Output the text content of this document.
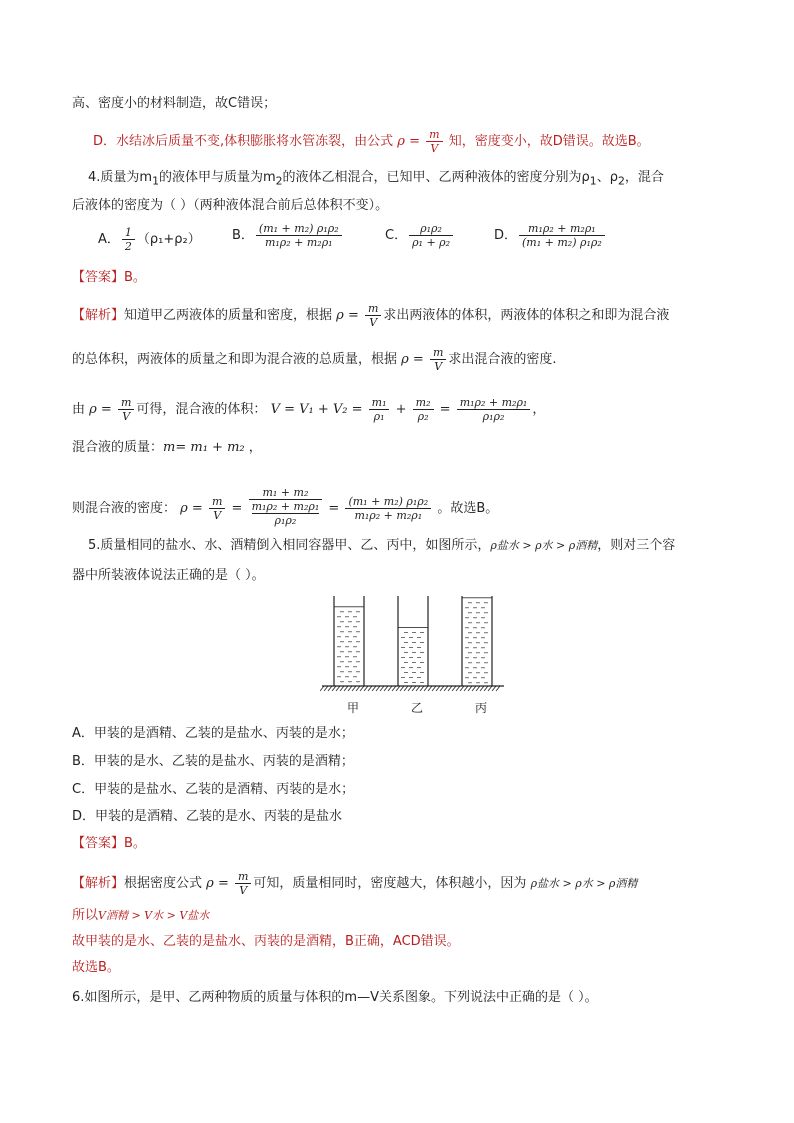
高、密度小的材料制造，故C错误；
D．水结冰后质量不变,体积膨胀将水管冻裂，由公式 $\rho = \frac{m}{V}$ 知，密度变小，故D错误。故选B。
4.质量为$m_1$的液体甲与质量为$m_2$的液体乙相混合，已知甲、乙两种液体的密度分别为$\rho_1$、$\rho_2$，混合
后液体的密度为（ ）（两种液体混合前后总体积不变）。
A． $\frac{1}{2} (\rho_1+\rho_2)$ B． $\frac{\text{(m₁ + m₂) ρ₁ρ₂}}{\text{m₁ρ₂ + m₂ρ₁}}$	C． $\frac{\text{ρ₁ρ₂}}{\text{ρ₁ + ρ₂}}$	D． $\frac{\text{m₁ρ₂ + m₂ρ₁}}{\text{(m₁ + m₂) ρ₁ρ₂}}$
【答案】B。
【解析】知道甲乙两液体的质量和密度，根据 $\rho = \frac{m}{V}$ 求出两液体的体积，两液体的体积之和即为混合液
的总体积，两液体的质量之和即为混合液的总质量，根据 $\rho = \frac{m}{V}$ 求出混合液的密度.
由 $\rho = \frac{m}{V}$ 可得，混合液的体积： $V = V_1 + V_2 = \frac{\text{m₁}}{\text{ρ₁}} + \frac{\text{m₂}}{\text{ρ₂}} = \frac{\text{m₁ρ₂ + m₂ρ₁}}{\text{ρ₁ρ₂}}$ ，
混合液的质量：m= m₁ + m₂ ，
则混合液的密度： $\rho = \frac{m}{V} = m_1 + m_2$
m₁ρ₂ + m₂ρ₁
$\rho_1\rho_2 = \frac{\text{(m₁ + m₂) ρ₁ρ₂}}{\text{m₁ρ₂ + m₂ρ₁}}$ 。故选B。
5.质量相同的盐水、水、酒精倒入相同容器甲、乙、丙中，如图所示，ρ盐水 > ρ水 > ρ酒精，则对三个容
器中所装液体说法正确的是（ ）。
甲	乙	丙
A．甲装的是酒精、乙装的是盐水、丙装的是水；
B．甲装的是水、乙装的是盐水、丙装的是酒精；
C．甲装的是盐水、乙装的是酒精、丙装的是水；
D．甲装的是酒精、乙装的是水、丙装的是盐水
【答案】B。
【解析】根据密度公式 $\rho = \frac{m}{V}$ 可知，质量相同时，密度越大，体积越小，因为 ρ盐水 > ρ水 > ρ酒精
所以V酒精 > V水 > V盐水
故甲装的是水、乙装的是盐水、丙装的是酒精，B正确，ACD错误。
故选B。
6.如图所示，是甲、乙两种物质的质量与体积的m—V关系图象。下列说法中正确的是（ ）。
